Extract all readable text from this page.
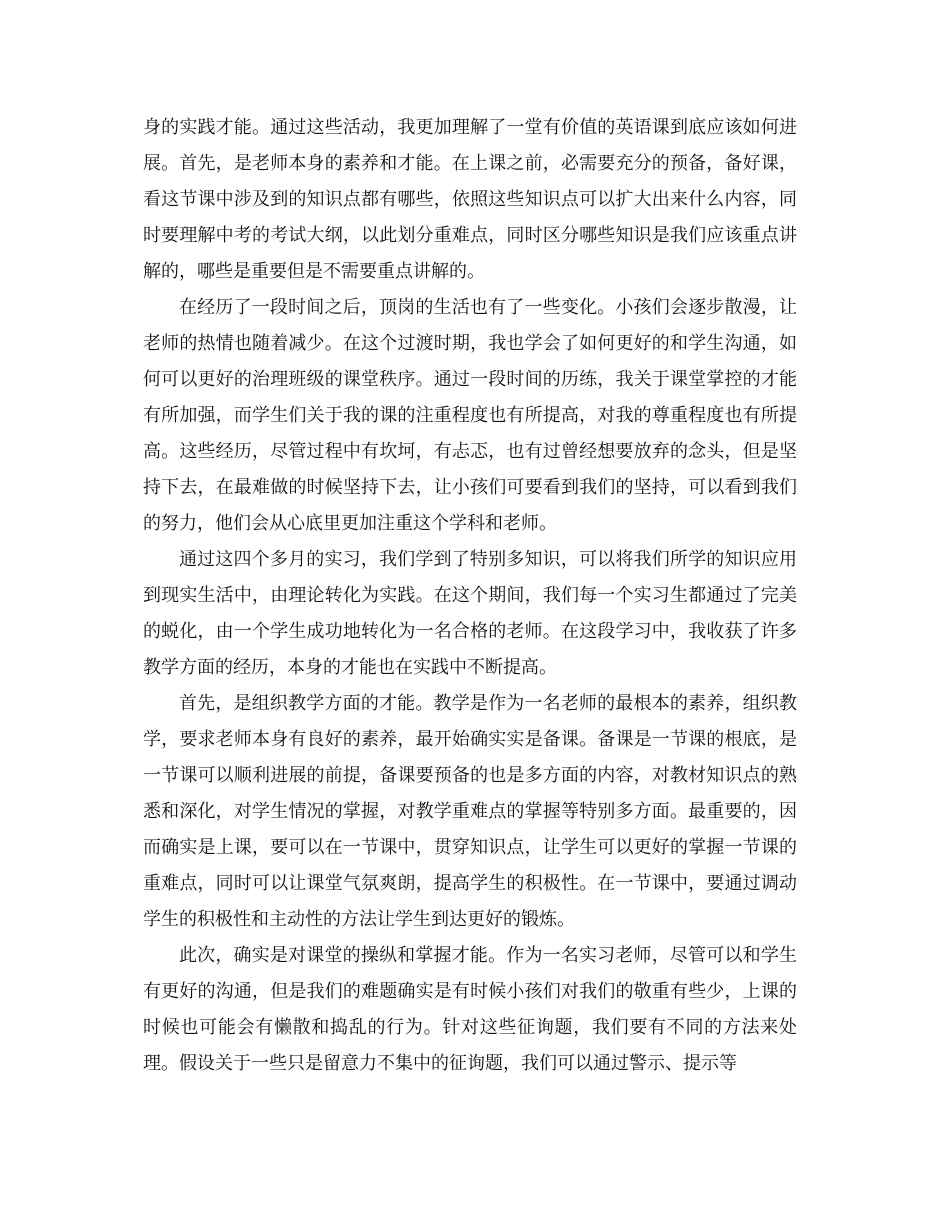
身的实践才能。通过这些活动，我更加理解了一堂有价值的英语课到底应该如何进展。首先，是老师本身的素养和才能。在上课之前，必需要充分的预备，备好课，看这节课中涉及到的知识点都有哪些，依照这些知识点可以扩大出来什么内容，同时要理解中考的考试大纲，以此划分重难点，同时区分哪些知识是我们应该重点讲解的，哪些是重要但是不需要重点讲解的。

在经历了一段时间之后，顶岗的生活也有了一些变化。小孩们会逐步散漫，让老师的热情也随着减少。在这个过渡时期，我也学会了如何更好的和学生沟通，如何可以更好的治理班级的课堂秩序。通过一段时间的历练，我关于课堂掌控的才能有所加强，而学生们关于我的课的注重程度也有所提高，对我的尊重程度也有所提高。这些经历，尽管过程中有坎坷，有忐忑，也有过曾经想要放弃的念头，但是坚持下去，在最难做的时候坚持下去，让小孩们可要看到我们的坚持，可以看到我们的努力，他们会从心底里更加注重这个学科和老师。

通过这四个多月的实习，我们学到了特别多知识，可以将我们所学的知识应用到现实生活中，由理论转化为实践。在这个期间，我们每一个实习生都通过了完美的蜕化，由一个学生成功地转化为一名合格的老师。在这段学习中，我收获了许多教学方面的经历，本身的才能也在实践中不断提高。

首先，是组织教学方面的才能。教学是作为一名老师的最根本的素养，组织教学，要求老师本身有良好的素养，最开始确实实是备课。备课是一节课的根底，是一节课可以顺利进展的前提，备课要预备的也是多方面的内容，对教材知识点的熟悉和深化，对学生情况的掌握，对教学重难点的掌握等特别多方面。最重要的，因而确实是上课，要可以在一节课中，贯穿知识点，让学生可以更好的掌握一节课的重难点，同时可以让课堂气氛爽朗，提高学生的积极性。在一节课中，要通过调动学生的积极性和主动性的方法让学生到达更好的锻炼。

此次，确实是对课堂的操纵和掌握才能。作为一名实习老师，尽管可以和学生有更好的沟通，但是我们的难题确实是有时候小孩们对我们的敬重有些少，上课的时候也可能会有懒散和捣乱的行为。针对这些征询题，我们要有不同的方法来处理。假设关于一些只是留意力不集中的征询题，我们可以通过警示、提示等
